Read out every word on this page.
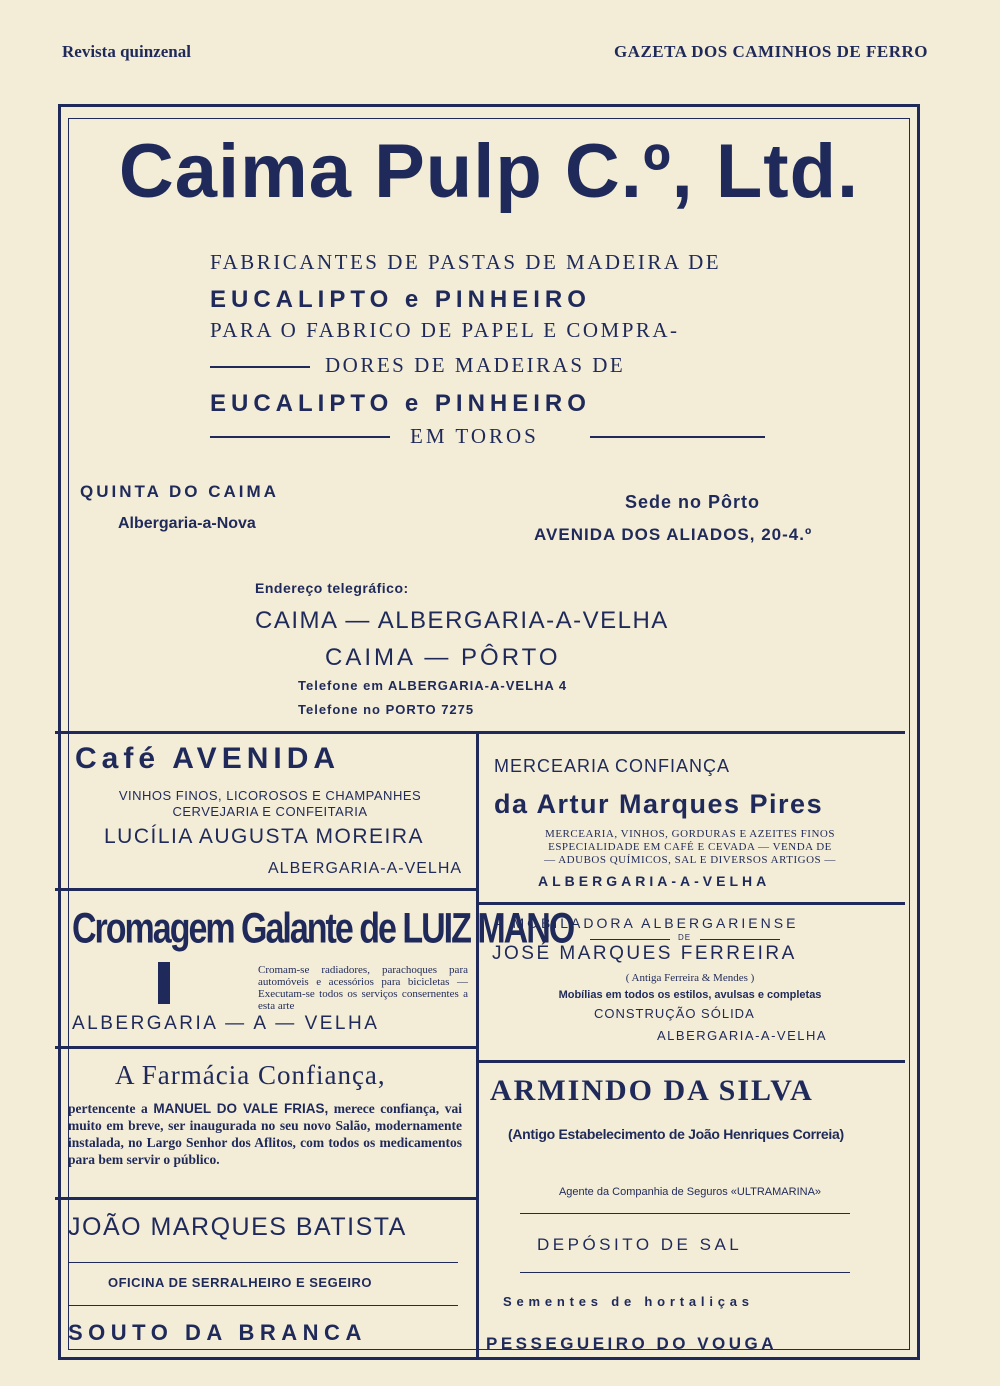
Revista quinzenal	GAZETA DOS CAMINHOS DE FERRO
Caima Pulp C.º, Ltd.
FABRICANTES DE PASTAS DE MADEIRA DE
EUCALIPTO e PINHEIRO
PARA O FABRICO DE PAPEL E COMPRA-
DORES DE MADEIRAS DE
EUCALIPTO e PINHEIRO
EM TOROS
QUINTA DO CAIMA
Albergaria-a-Nova
Sede no Pôrto
AVENIDA DOS ALIADOS, 20-4.º
Endereço telegráfico:
CAIMA — ALBERGARIA-A-VELHA
CAIMA — PÔRTO
Telefone em ALBERGARIA-A-VELHA 4
Telefone no PORTO 7275
Café AVENIDA
VINHOS FINOS, LICOROSOS E CHAMPANHES
CERVEJARIA E CONFEITARIA
LUCÍLIA AUGUSTA MOREIRA
ALBERGARIA-A-VELHA
MERCEARIA CONFIANÇA
da Artur Marques Pires
MERCEARIA, VINHOS, GORDURAS E AZEITES FINOS
ESPECIALIDADE EM CAFÉ E CEVADA — VENDA DE
— ADUBOS QUÍMICOS, SAL E DIVERSOS ARTIGOS —
ALBERGARIA-A-VELHA
Cromagem Galante de LUIZ MANO
Cromam-se radiadores, parachoques para automóveis e acessórios para bicicletas — Executam-se todos os serviços consernentes a esta arte
ALBERGARIA — A — VELHA
A MOBILADORA ALBERGARIENSE
DE
JOSÉ MARQUES FERREIRA
( Antiga Ferreira & Mendes )
Mobílias em todos os estilos, avulsas e completas
CONSTRUÇÃO SÓLIDA
ALBERGARIA-A-VELHA
A Farmácia Confiança,
pertencente a MANUEL DO VALE FRIAS, merece confiança, vai muito em breve, ser inaugurada no seu novo Salão, modernamente instalada, no Largo Senhor dos Aflitos, com todos os medicamentos para bem servir o público.
ARMINDO DA SILVA
(Antigo Estabelecimento de João Henriques Correia)
Agente da Companhia de Seguros «ULTRAMARINA»
DEPÓSITO DE SAL
Sementes de hortaliças
PESSEGUEIRO DO VOUGA
JOÃO MARQUES BATISTA
OFICINA DE SERRALHEIRO E SEGEIRO
SOUTO DA BRANCA
